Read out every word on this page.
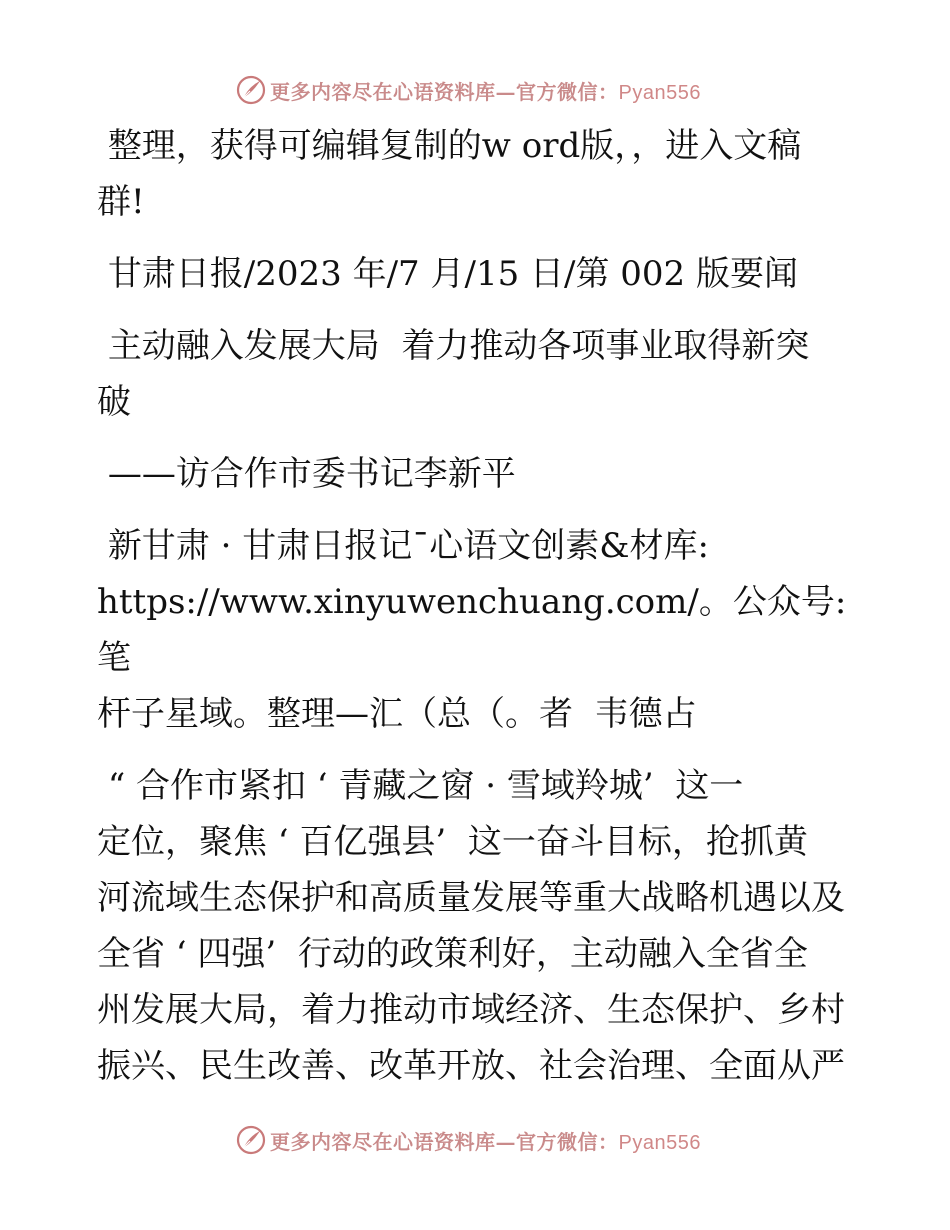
更多内容尽在心语资料库—官方微信：Pyan556

整理，获得可编辑复制的w ord版，，进入文稿
群!

甘肃日报/2023 年/7 月/15 日/第 002 版要闻

主动融入发展大局  着力推动各项事业取得新突
破

——访合作市委书记李新平

新甘肃 · 甘肃日报记¯心语文创素&材库:
https://www.xinyuwenchuang.com/。公众号: 笔
杆子星域。整理—汇（总（。者  韦德占

“ 合作市紧扣 ‘ 青藏之窗 · 雪域羚城’  这一
定位，聚焦 ‘ 百亿强县’  这一奋斗目标，抢抓黄
河流域生态保护和高质量发展等重大战略机遇以及
全省 ‘ 四强’  行动的政策利好，主动融入全省全
州发展大局，着力推动市域经济、生态保护、乡村
振兴、民生改善、改革开放、社会治理、全面从严

更多内容尽在心语资料库—官方微信：Pyan556
